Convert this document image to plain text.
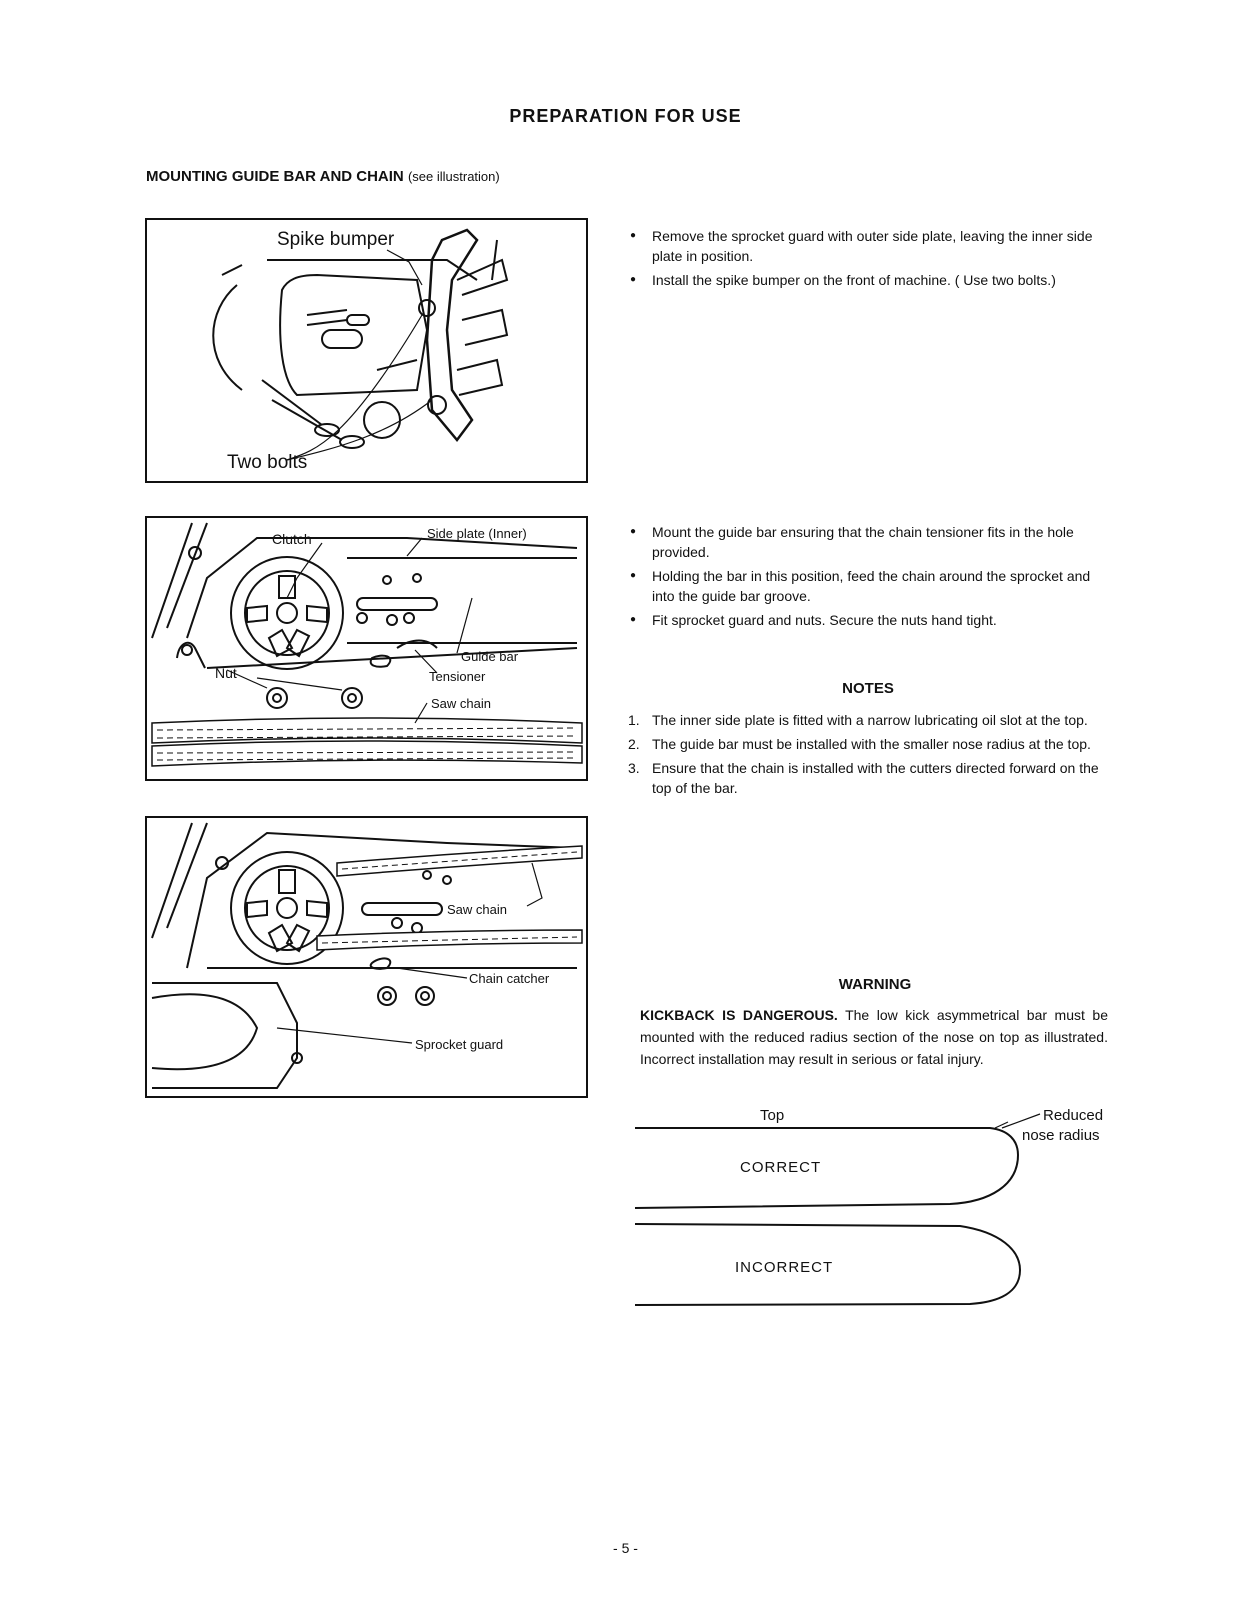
PREPARATION FOR USE
MOUNTING GUIDE BAR AND CHAIN (see illustration)
Spike bumper
Two bolts
Clutch	Side plate (Inner)
Guide bar
Nut	Tensioner
Saw chain
Saw chain
Chain catcher
Sprocket guard
● Remove the sprocket guard with outer side plate, leaving the inner side plate in position.
● Install the spike bumper on the front of machine. ( Use two bolts.)
● Mount the guide bar ensuring that the chain tensioner fits in the hole provided.
● Holding the bar in this position, feed the chain around the sprocket and into the guide bar groove.
● Fit sprocket guard and nuts. Secure the nuts hand tight.
NOTES
1. The inner side plate is fitted with a narrow lubricating oil slot at the top.
2. The guide bar must be installed with the smaller nose radius at the top.
3. Ensure that the chain is installed with the cutters directed forward on the top of the bar.
WARNING
KICKBACK IS DANGEROUS. The low kick asymmetrical bar must be mounted with the reduced radius section of the nose on top as illustrated. Incorrect installation may result in serious or fatal injury.
Top	Reduced
nose radius
CORRECT
INCORRECT
- 5 -
